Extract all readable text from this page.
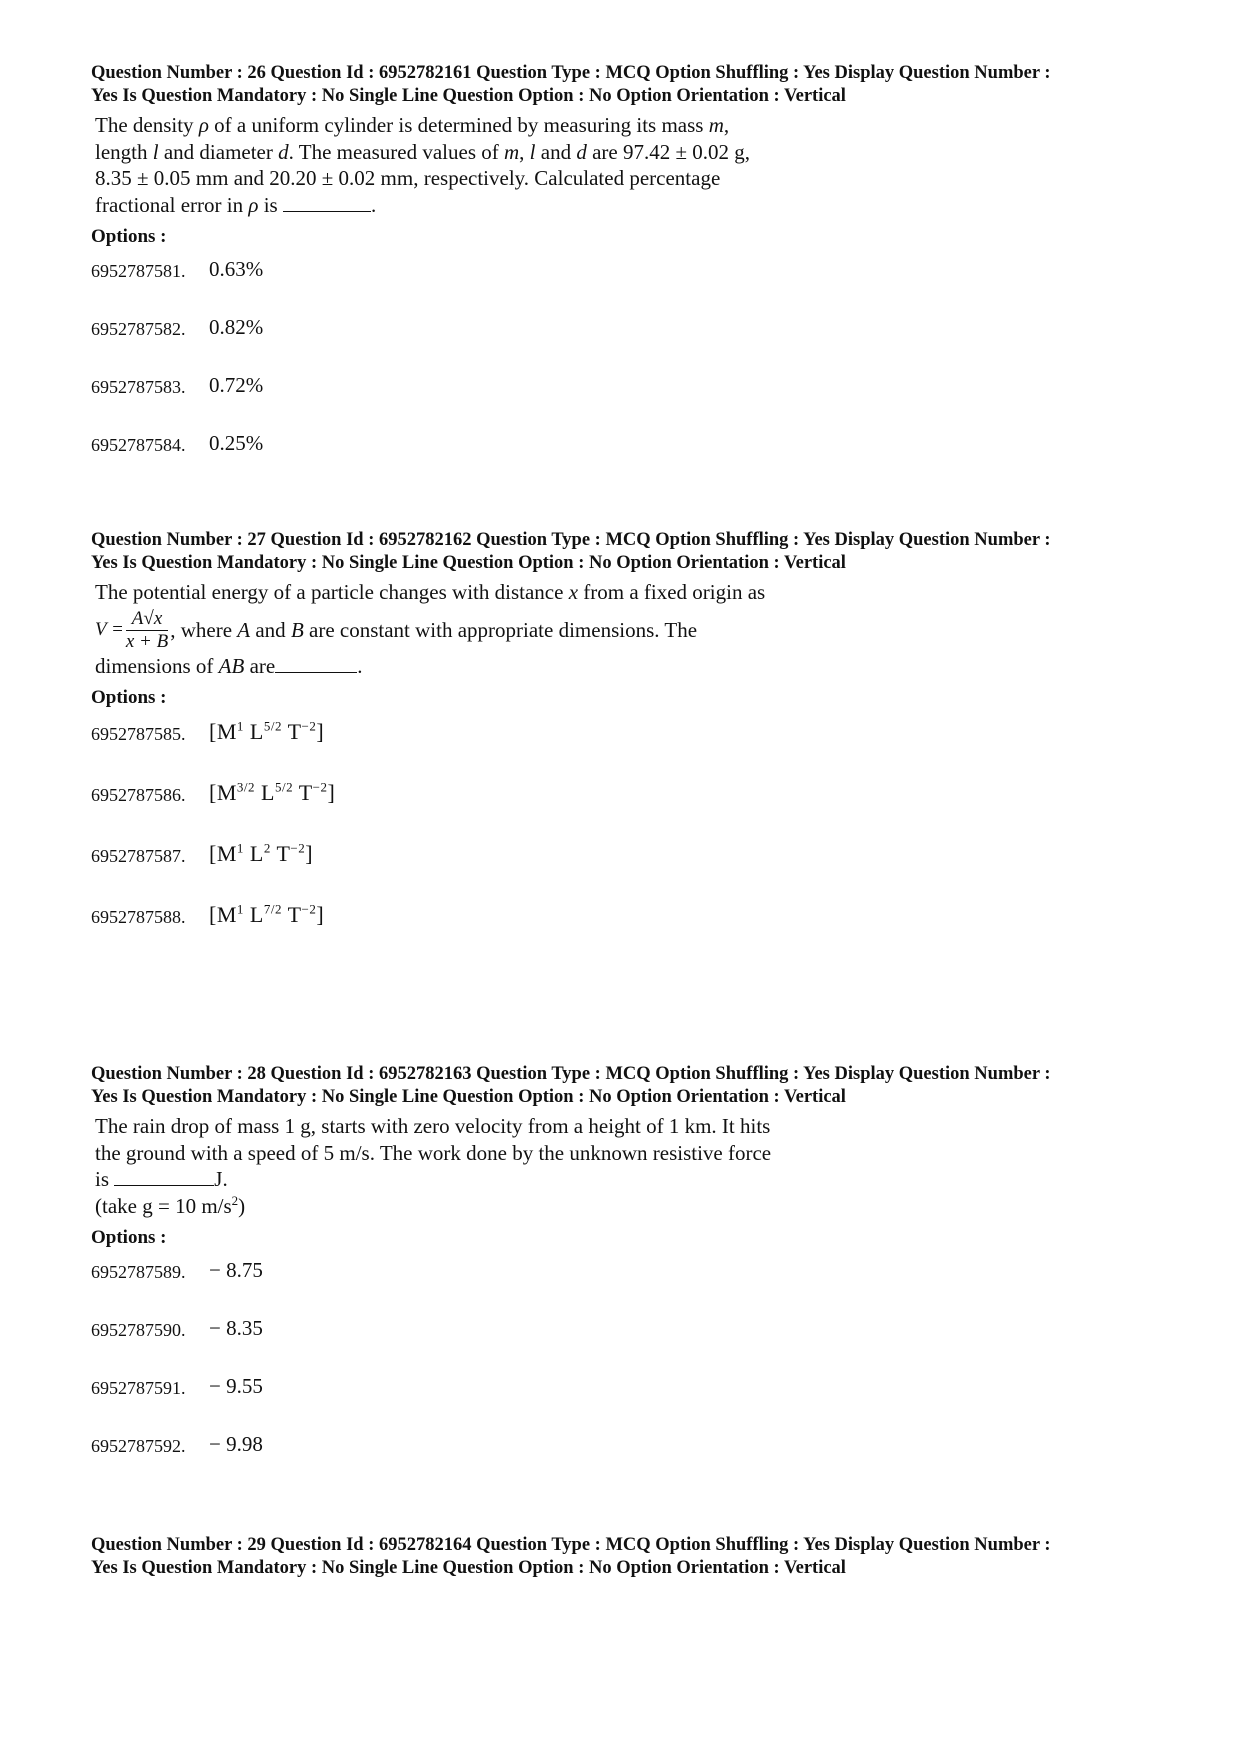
Question Number : 26 Question Id : 6952782161 Question Type : MCQ Option Shuffling : Yes Display Question Number :

Yes Is Question Mandatory : No Single Line Question Option : No Option Orientation : Vertical

The density ρ of a uniform cylinder is determined by measuring its mass m,
length l and diameter d. The measured values of m, l and d are 97.42 ± 0.02 g,
8.35 ± 0.05 mm and 20.20 ± 0.02 mm, respectively. Calculated percentage
fractional error in ρ is	.

Options :

6952787581.	0.63%
6952787582.	0.82%
6952787583.	0.72%
6952787584.	0.25%

Question Number : 27 Question Id : 6952782162 Question Type : MCQ Option Shuffling : Yes Display Question Number :

Yes Is Question Mandatory : No Single Line Question Option : No Option Orientation : Vertical

The potential energy of a particle changes with distance x from a fixed origin as
$V = \frac{A√x}{x + B}$ , where A and B are constant with appropriate dimensions. The
dimensions of AB are	.

Options :

6952787585.	[$M^1$ $L^{5/2}$ $T^{-2}$]
6952787586.	[$M^{3/2}$ $L^{5/2}$ $T^{-2}$]
6952787587.	[$M^1$ $L^2$ $T^{-2}$]
6952787588.	[$M^1$ $L^{7/2}$ $T^{-2}$]

Question Number : 28 Question Id : 6952782163 Question Type : MCQ Option Shuffling : Yes Display Question Number :

Yes Is Question Mandatory : No Single Line Question Option : No Option Orientation : Vertical

The rain drop of mass 1 g, starts with zero velocity from a height of 1 km. It hits
the ground with a speed of 5 m/s. The work done by the unknown resistive force
is	J.
(take g = 10 $m/s^2$)

Options :

6952787589.	− 8.75
6952787590.	− 8.35
6952787591.	− 9.55
6952787592.	− 9.98

Question Number : 29 Question Id : 6952782164 Question Type : MCQ Option Shuffling : Yes Display Question Number :

Yes Is Question Mandatory : No Single Line Question Option : No Option Orientation : Vertical
